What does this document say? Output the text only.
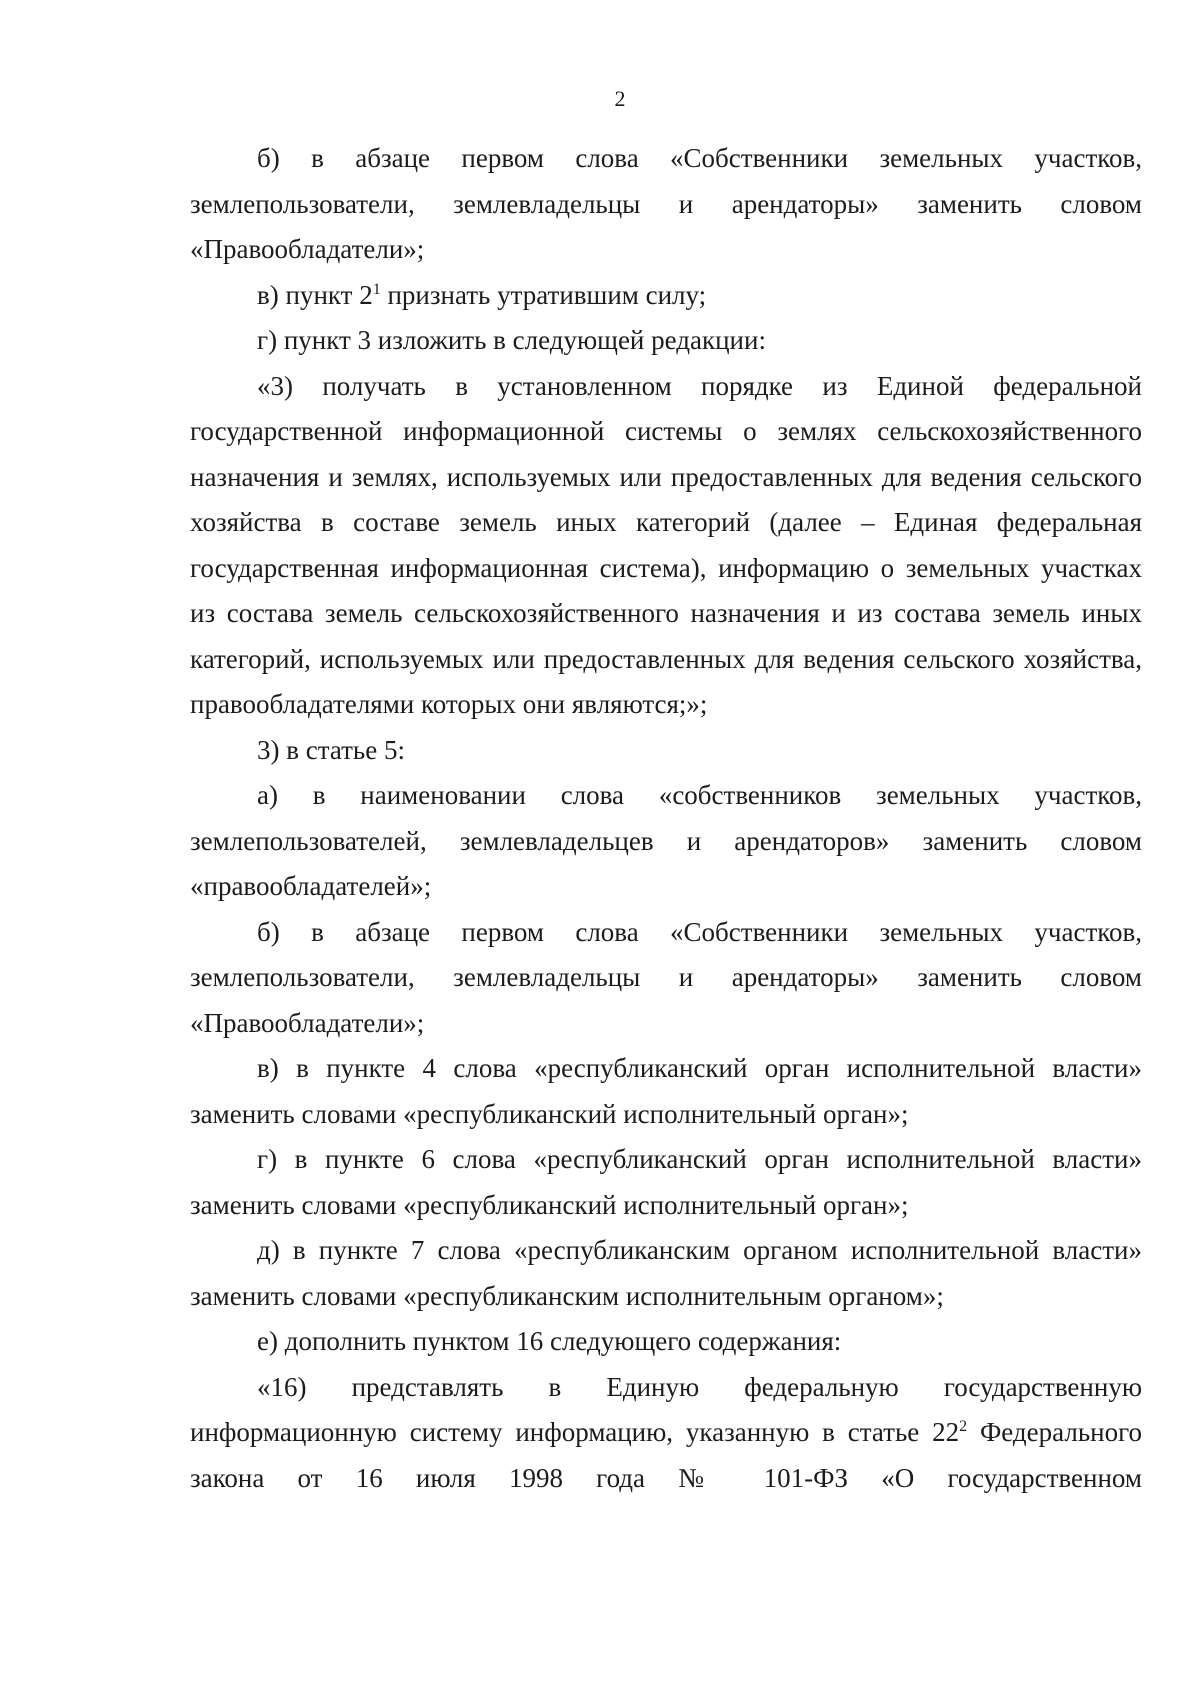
2

б) в абзаце первом слова «Собственники земельных участков, землепользователи, землевладельцы и арендаторы» заменить словом «Правообладатели»;

в) пункт $2^1$ признать утратившим силу;

г) пункт 3 изложить в следующей редакции:

«3) получать в установленном порядке из Единой федеральной государственной информационной системы о землях сельскохозяйственного назначения и землях, используемых или предоставленных для ведения сельского хозяйства в составе земель иных категорий (далее – Единая федеральная государственная информационная система), информацию о земельных участках из состава земель сельскохозяйственного назначения и из состава земель иных категорий, используемых или предоставленных для ведения сельского хозяйства, правообладателями которых они являются;»;

3) в статье 5:

а) в наименовании слова «собственников земельных участков, землепользователей, землевладельцев и арендаторов» заменить словом «правообладателей»;

б) в абзаце первом слова «Собственники земельных участков, землепользователи, землевладельцы и арендаторы» заменить словом «Правообладатели»;

в) в пункте 4 слова «республиканский орган исполнительной власти» заменить словами «республиканский исполнительный орган»;

г) в пункте 6 слова «республиканский орган исполнительной власти» заменить словами «республиканский исполнительный орган»;

д) в пункте 7 слова «республиканским органом исполнительной власти» заменить словами «республиканским исполнительным органом»;

е) дополнить пунктом 16 следующего содержания:

«16) представлять в Единую федеральную государственную информационную систему информацию, указанную в статье $22^2$ Федерального закона от 16 июля 1998 года № 101-ФЗ «О государственном
